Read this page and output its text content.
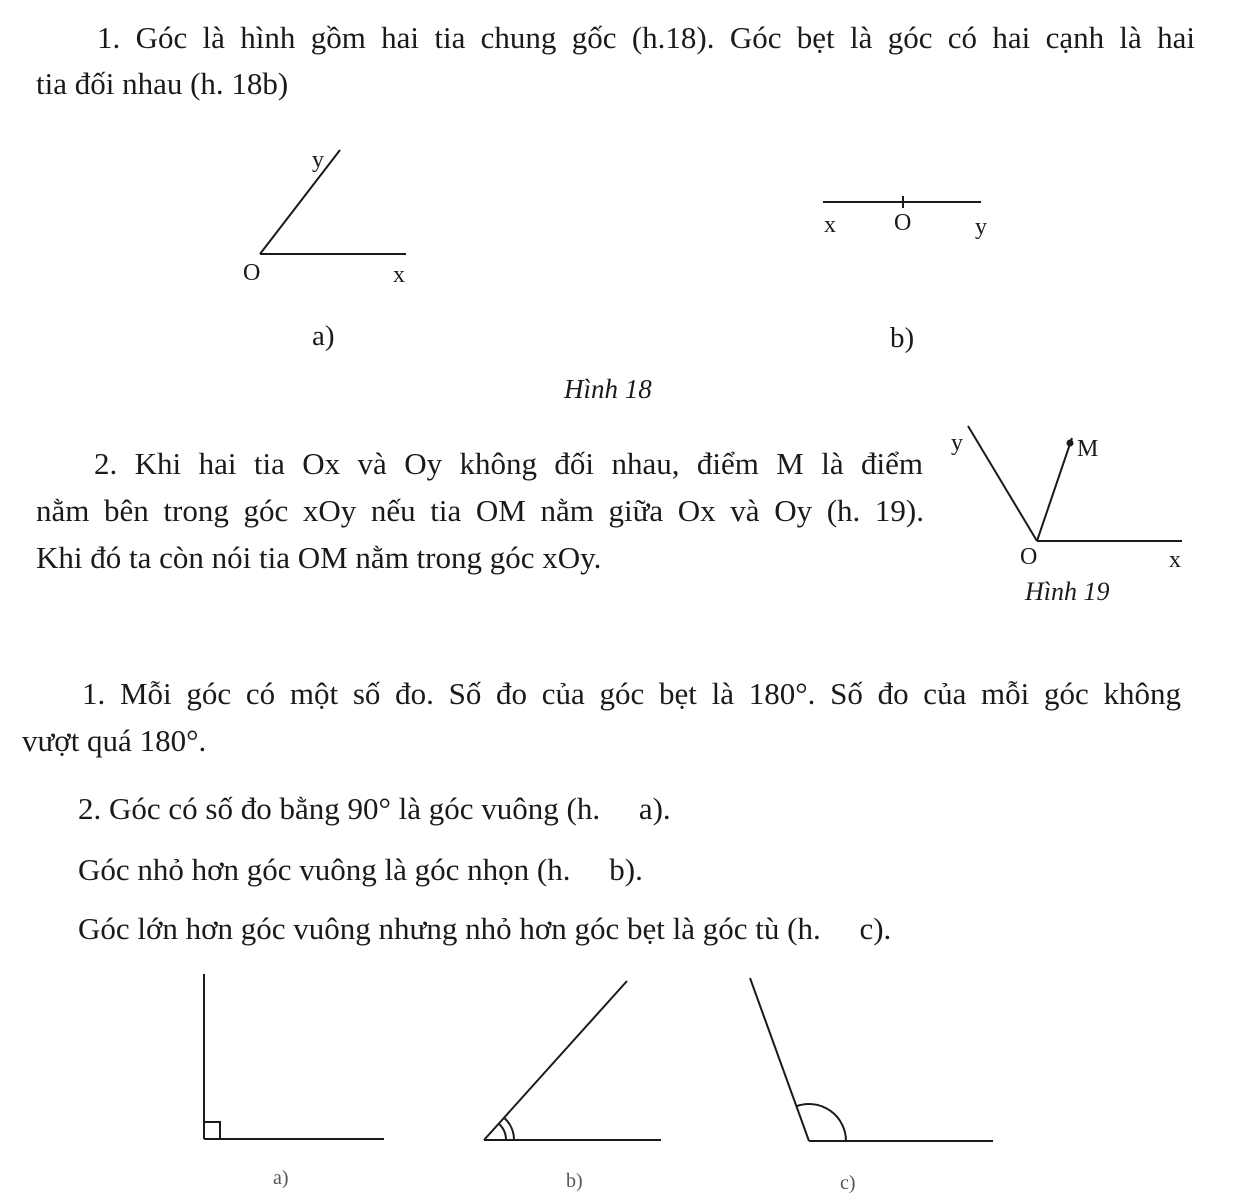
1. Góc là hình gồm hai tia chung gốc (h.18). Góc bẹt là góc có hai cạnh là hai
tia đối nhau (h. 18b)
y
O	x
a)
x O	y
b)
Hình 18
2. Khi hai tia Ox và Oy không đối nhau, điểm M là điểm
nằm bên trong góc xOy nếu tia OM nằm giữa Ox và Oy (h. 19).
Khi đó ta còn nói tia OM nằm trong góc xOy.
y	M
O	x
Hình 19
1. Mỗi góc có một số đo. Số đo của góc bẹt là 180°. Số đo của mỗi góc không
vượt quá 180°.
2. Góc có số đo bằng 90° là góc vuông (h.     a).
Góc nhỏ hơn góc vuông là góc nhọn (h.     b).
Góc lớn hơn góc vuông nhưng nhỏ hơn góc bẹt là góc tù (h.     c).
a)	b)	c)
